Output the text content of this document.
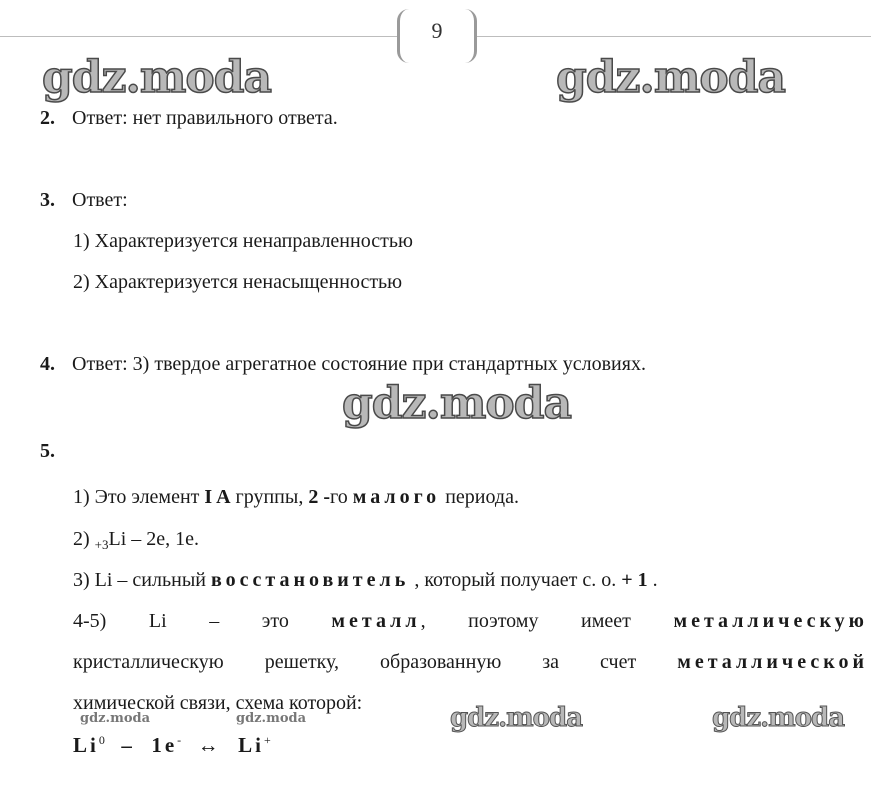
9
gdz.moda	gdz.moda
gdz.moda
gdz.moda	gdz.moda
gdz.moda	gdz.moda
2. Ответ: нет правильного ответа.
3. Ответ:
1) Характеризуется ненаправленностью
2) Характеризуется ненасыщенностью
4. Ответ: 3) твердое агрегатное состояние при стандартных условиях.
5.
1) Это элемент I A группы, 2 -го малого периода.
2) $_{+3}$Li – 2e, 1e.
3) Li – сильный восстановитель , который получает с. о. + 1 .
4-5) Li – это металл, поэтому имеет металлическую
кристаллическую решетку, образованную за счет металлической
химической связи, схема которой:
Li$^0$ – 1e- ↔ Li+
